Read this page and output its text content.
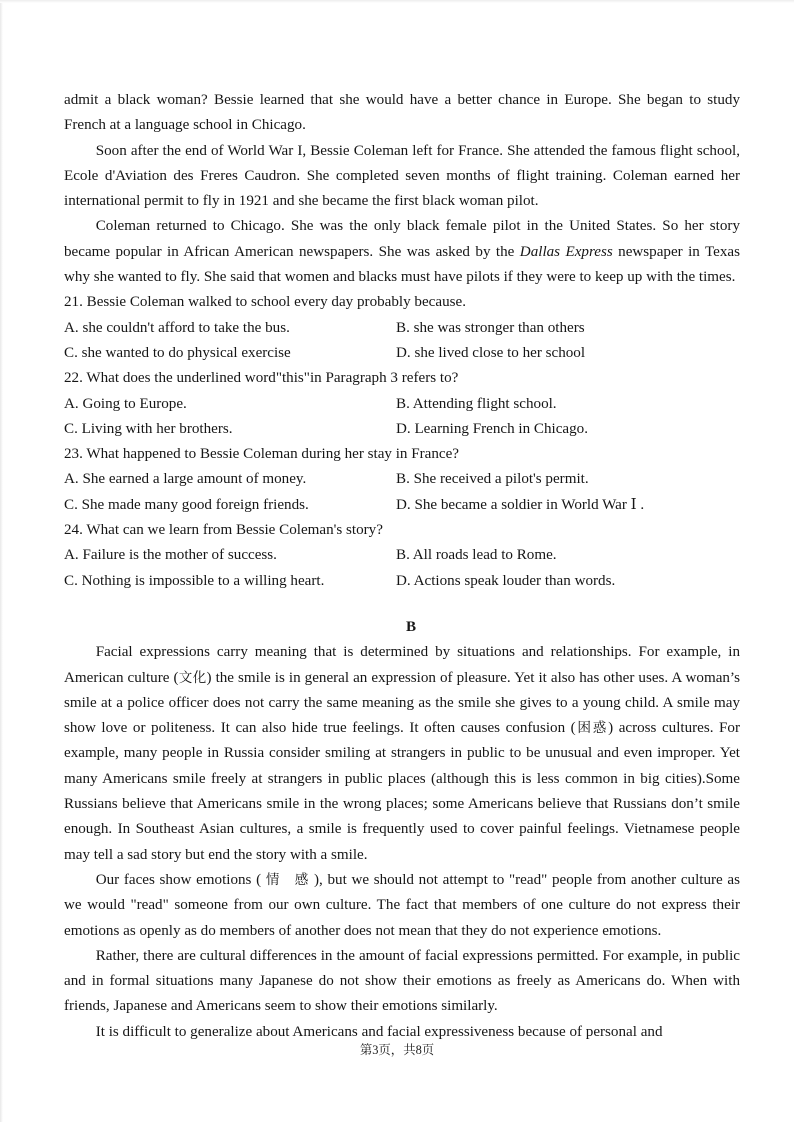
admit a black woman? Bessie learned that she would have a better chance in Europe. She began to study French at a language school in Chicago.

Soon after the end of World War I, Bessie Coleman left for France. She attended the famous flight school, Ecole d'Aviation des Freres Caudron. She completed seven months of flight training. Coleman earned her international permit to fly in 1921 and she became the first black woman pilot.

Coleman returned to Chicago. She was the only black female pilot in the United States. So her story became popular in African American newspapers. She was asked by the Dallas Express newspaper in Texas why she wanted to fly. She said that women and blacks must have pilots if they were to keep up with the times.

21. Bessie Coleman walked to school every day probably because.

A. she couldn't afford to take the bus.	B. she was stronger than others
C. she wanted to do physical exercise	D. she lived close to her school

22. What does the underlined word"this"in Paragraph 3 refers to?

A. Going to Europe.	B. Attending flight school.
C. Living with her brothers.	D. Learning French in Chicago.

23. What happened to Bessie Coleman during her stay in France?

A. She earned a large amount of money.	B. She received a pilot's permit.
C. She made many good foreign friends.	D. She became a soldier in World War Ⅰ .

24. What can we learn from Bessie Coleman's story?

A. Failure is the mother of success.	B. All roads lead to Rome.
C. Nothing is impossible to a willing heart.	D. Actions speak louder than words.

B

Facial expressions carry meaning that is determined by situations and relationships. For example, in American culture (文化) the smile is in general an expression of pleasure. Yet it also has other uses. A woman’s smile at a police officer does not carry the same meaning as the smile she gives to a young child. A smile may show love or politeness. It can also hide true feelings. It often causes confusion (困惑) across cultures. For example, many people in Russia consider smiling at strangers in public to be unusual and even improper. Yet many Americans smile freely at strangers in public places (although this is less common in big cities).Some Russians believe that Americans smile in the wrong places; some Americans believe that Russians don’t smile enough. In Southeast Asian cultures, a smile is frequently used to cover painful feelings. Vietnamese people may tell a sad story but end the story with a smile.

Our faces show emotions ( 情　感 ), but we should not attempt to "read" people from another culture as we would "read" someone from our own culture. The fact that members of one culture do not express their emotions as openly as do members of another does not mean that they do not experience emotions.

Rather, there are cultural differences in the amount of facial expressions permitted. For example, in public and in formal situations many Japanese do not show their emotions as freely as Americans do. When with friends, Japanese and Americans seem to show their emotions similarly.

It is difficult to generalize about Americans and facial expressiveness because of personal and

第3页，共8页
